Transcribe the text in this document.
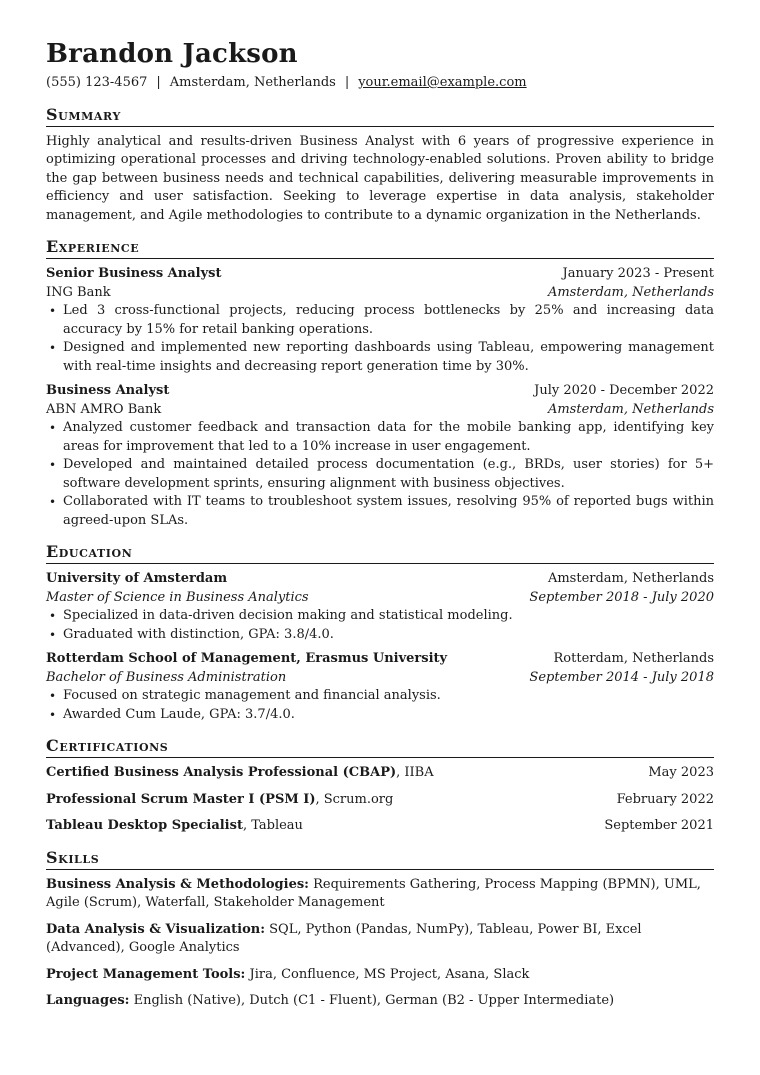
Brandon Jackson
(555) 123-4567 | Amsterdam, Netherlands | your.email@example.com
Summary

Highly analytical and results-driven Business Analyst with 6 years of progressive experience in optimizing operational processes and driving technology-enabled solutions. Proven ability to bridge the gap between business needs and technical capabilities, delivering measurable improvements in efficiency and user satisfaction. Seeking to leverage expertise in data analysis, stakeholder management, and Agile methodologies to contribute to a dynamic organization in the Netherlands.

Experience
Senior Business Analyst	January 2023 - Present
ING Bank	Amsterdam, Netherlands
• Led 3 cross-functional projects, reducing process bottlenecks by 25% and increasing data accuracy by 15% for retail banking operations.
• Designed and implemented new reporting dashboards using Tableau, empowering management with real-time insights and decreasing report generation time by 30%.
Business Analyst	July 2020 - December 2022
ABN AMRO Bank	Amsterdam, Netherlands
• Analyzed customer feedback and transaction data for the mobile banking app, identifying key areas for improvement that led to a 10% increase in user engagement.
• Developed and maintained detailed process documentation (e.g., BRDs, user stories) for 5+ software development sprints, ensuring alignment with business objectives.
• Collaborated with IT teams to troubleshoot system issues, resolving 95% of reported bugs within agreed-upon SLAs.
Education
University of Amsterdam	Amsterdam, Netherlands
Master of Science in Business Analytics	September 2018 - July 2020
• Specialized in data-driven decision making and statistical modeling.
• Graduated with distinction, GPA: 3.8/4.0.
Rotterdam School of Management, Erasmus University	Rotterdam, Netherlands
Bachelor of Business Administration	September 2014 - July 2018
• Focused on strategic management and financial analysis.
• Awarded Cum Laude, GPA: 3.7/4.0.
Certifications
Certified Business Analysis Professional (CBAP), IIBA	May 2023
Professional Scrum Master I (PSM I), Scrum.org	February 2022
Tableau Desktop Specialist, Tableau	September 2021
Skills
Business Analysis & Methodologies: Requirements Gathering, Process Mapping (BPMN), UML, Agile (Scrum), Waterfall, Stakeholder Management
Data Analysis & Visualization: SQL, Python (Pandas, NumPy), Tableau, Power BI, Excel (Advanced), Google Analytics
Project Management Tools: Jira, Confluence, MS Project, Asana, Slack
Languages: English (Native), Dutch (C1 - Fluent), German (B2 - Upper Intermediate)
